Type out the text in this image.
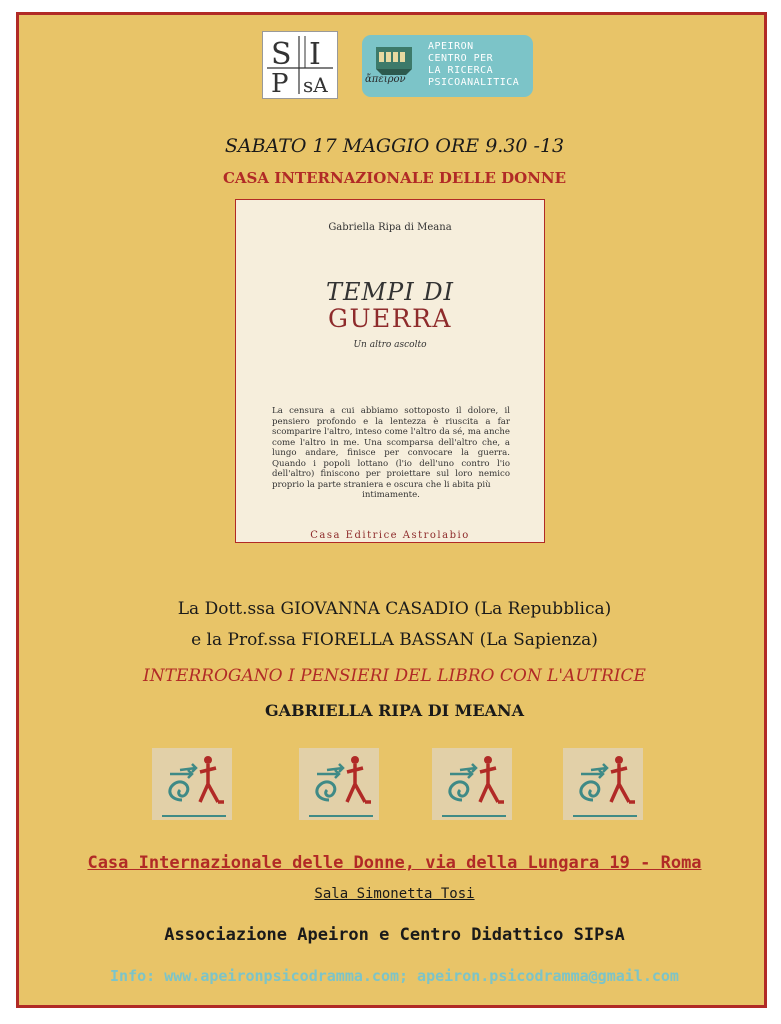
S I
P sA	ἄπειρον
APEIRON
CENTRO PER
LA RICERCA
PSICOANALITICA
SABATO 17 MAGGIO ORE 9.30 -13
CASA INTERNAZIONALE DELLE DONNE
Gabriella Ripa di Meana
TEMPI DI
GUERRA
Un altro ascolto
La censura a cui abbiamo sottoposto il dolore, il pensiero profondo e la lentezza è riuscita a far scomparire l'altro, inteso come l'altro da sé, ma anche come l'altro in me. Una scomparsa dell'altro che, a lungo andare, finisce per convocare la guerra. Quando i popoli lottano (l'io dell'uno contro l'io dell'altro) finiscono per proiettare sul loro nemico proprio la parte straniera e oscura che li abita più
intimamente.
Casa Editrice Astrolabio
La Dott.ssa GIOVANNA CASADIO (La Repubblica)
e la Prof.ssa FIORELLA BASSAN (La Sapienza)
INTERROGANO I PENSIERI DEL LIBRO CON L'AUTRICE
GABRIELLA RIPA DI MEANA
Casa Internazionale delle Donne, via della Lungara 19 - Roma
Sala Simonetta Tosi
Associazione Apeiron e Centro Didattico SIPsA
Info: www.apeironpsicodramma.com; apeiron.psicodramma@gmail.com
